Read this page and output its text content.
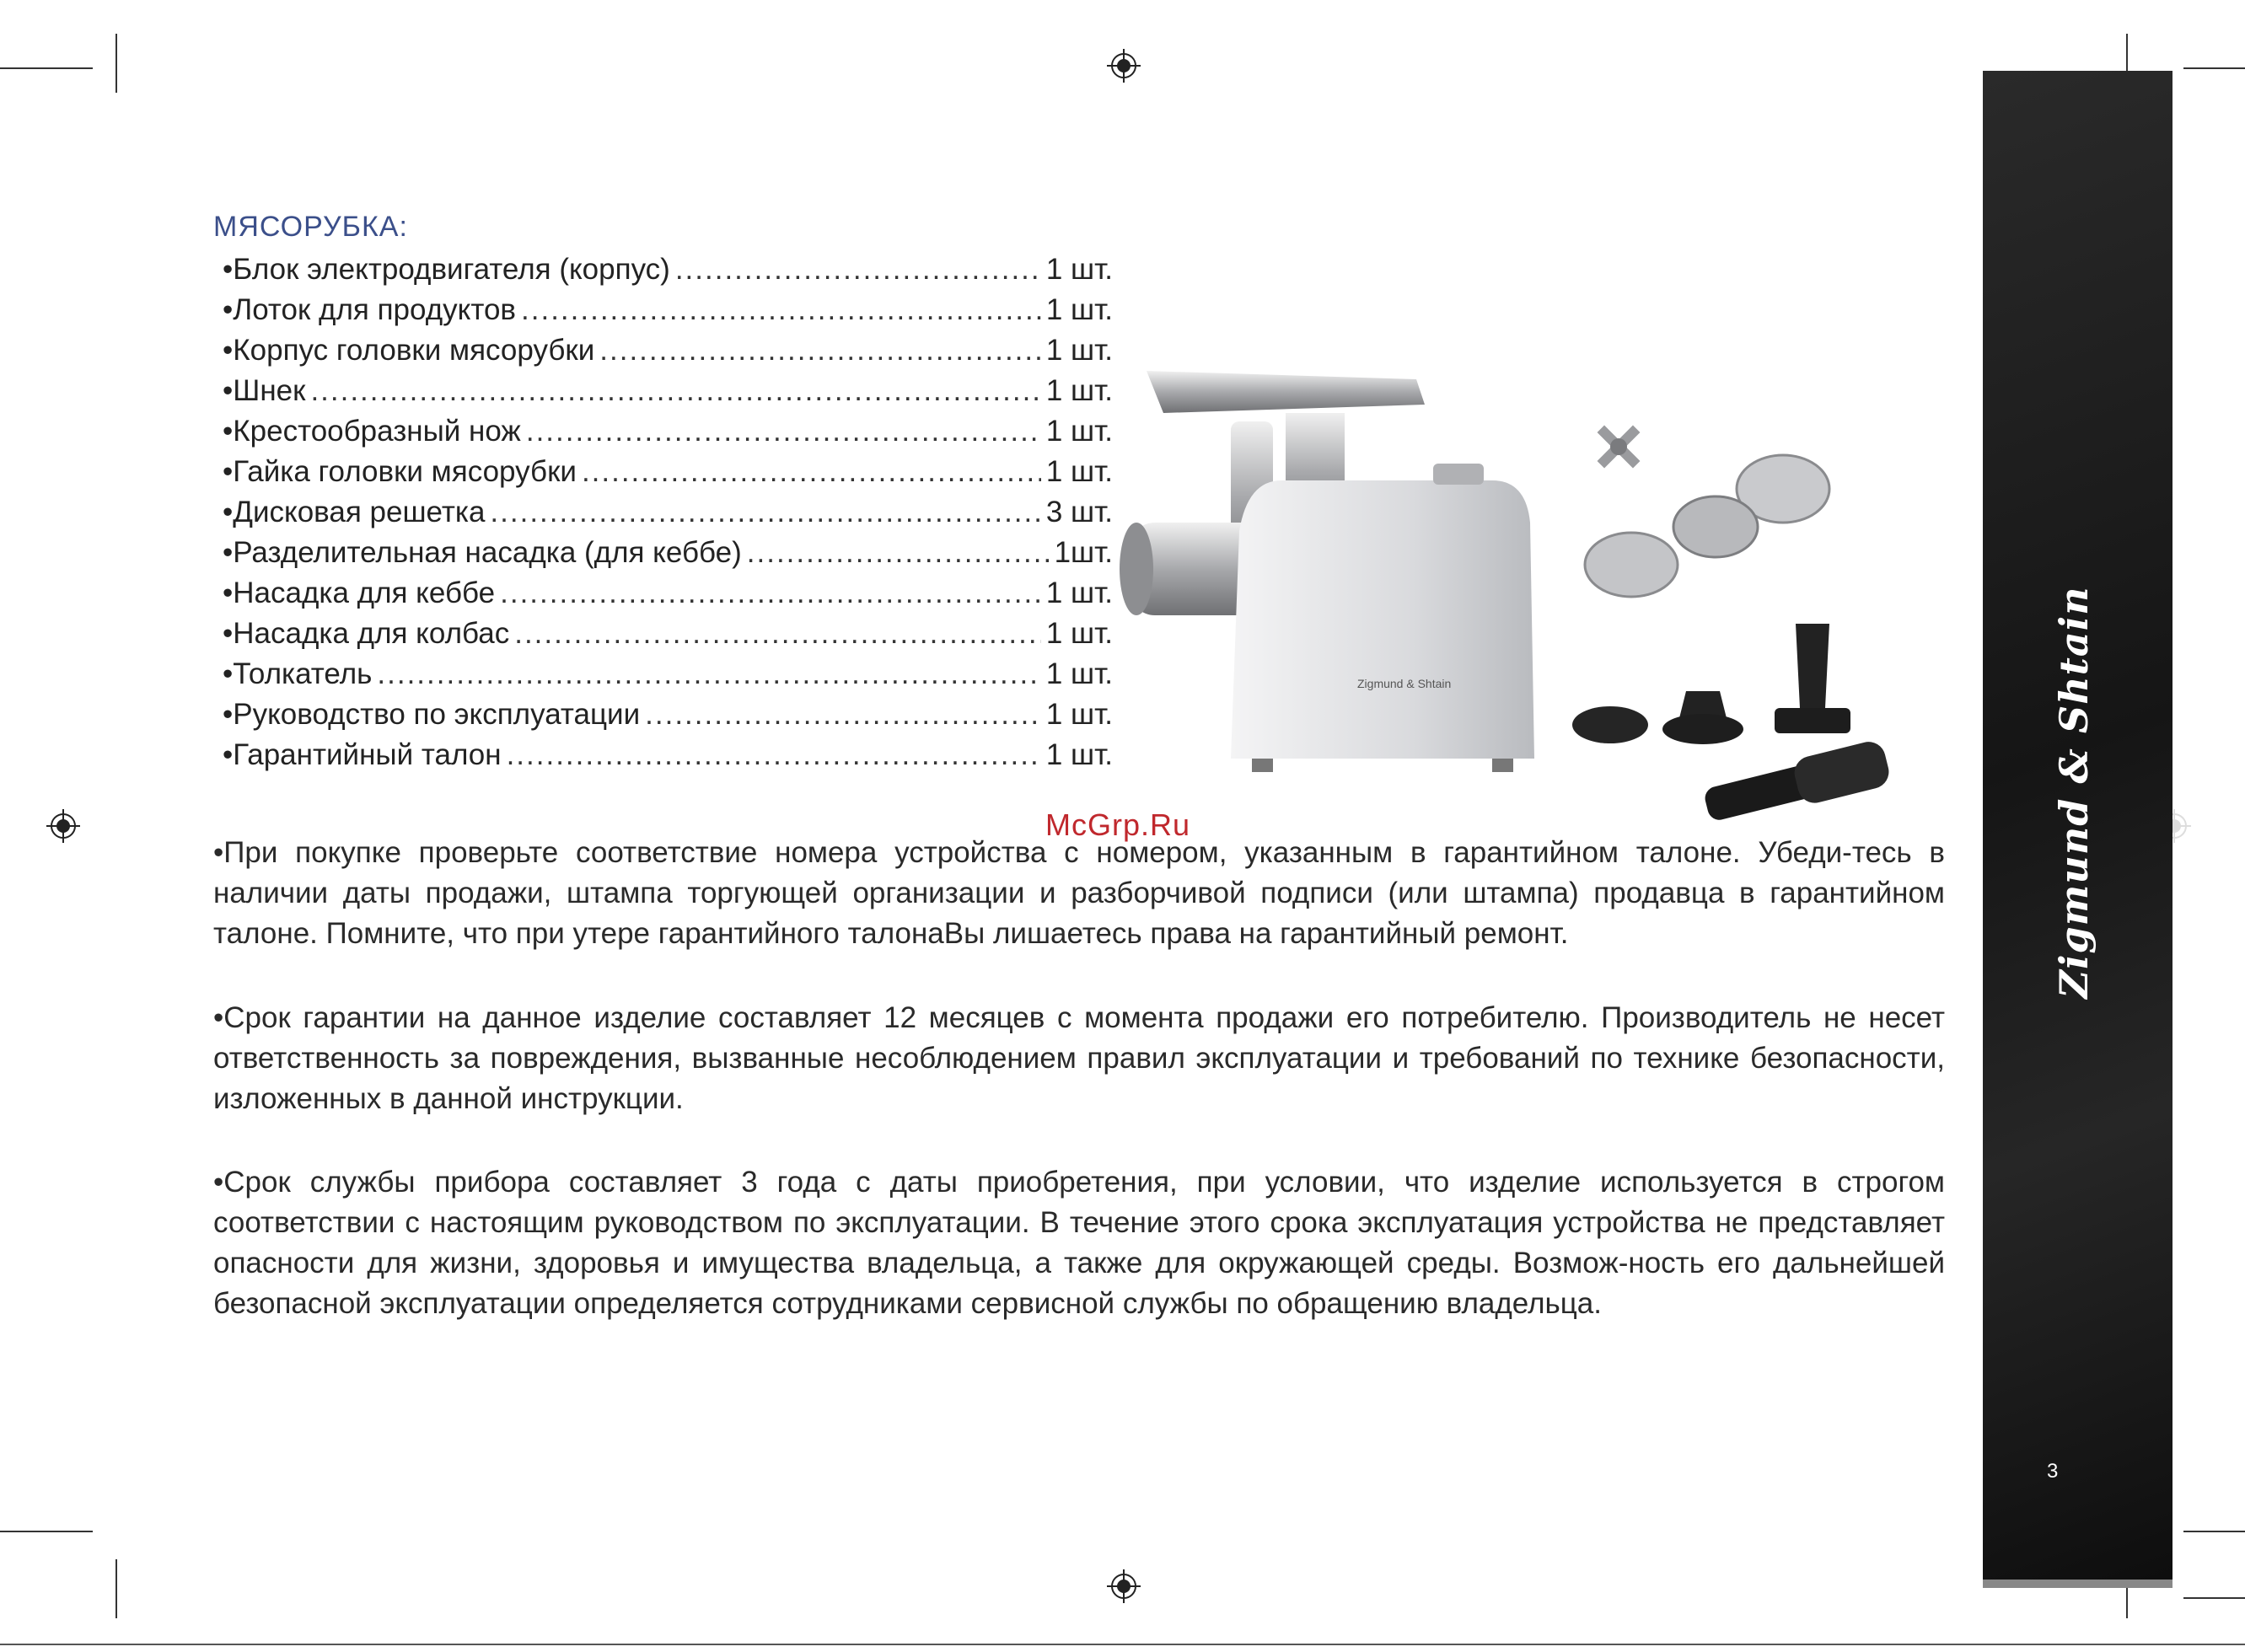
Zigmund & Shtain
3
МЯСОРУБКА:
•Блок электродвигателя (корпус) .....	1 шт.
•Лоток для продуктов .....	1 шт.
•Корпус головки мясорубки .....	1 шт.
•Шнек .....	1 шт.
•Крестообразный нож .....	1 шт.
•Гайка головки мясорубки .....	1 шт.
•Дисковая решетка .....	3 шт.
•Разделительная насадка (для кеббе) .....	1шт.
•Насадка для кеббе .....	1 шт.
•Насадка для колбас .....	1 шт.
•Толкатель .....	1 шт.
•Руководство по эксплуатации .....	1 шт.
•Гарантийный талон .....	1 шт.
Zigmund & Shtain
McGrp.Ru

•При покупке проверьте соответствие номера устройства с номером, указанным в гарантийном талоне. Убеди-тесь в наличии даты продажи, штампа торгующей организации и разборчивой подписи (или штампа) продавца в гарантийном талоне. Помните, что при утере гарантийного талонаВы лишаетесь права на гарантийный ремонт.

•Срок гарантии на данное изделие составляет 12 месяцев с момента продажи его потребителю. Производитель не несет ответственность за повреждения, вызванные несоблюдением правил эксплуатации и требований по технике безопасности, изложенных в данной инструкции.

•Срок службы прибора составляет 3 года с даты приобретения, при условии, что изделие используется в строгом соответствии с настоящим руководством по эксплуатации. В течение этого срока эксплуатация устройства не представляет опасности для жизни, здоровья и имущества владельца, а также для окружающей среды. Возмож-ность его дальнейшей безопасной эксплуатации определяется сотрудниками сервисной службы по обращению владельца.
